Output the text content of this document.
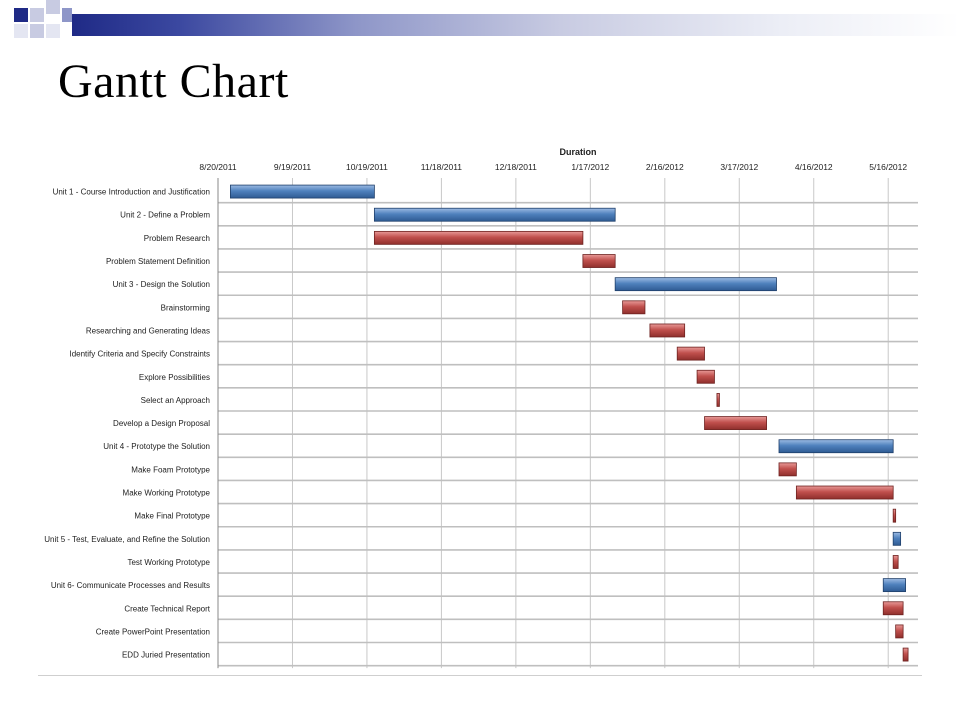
Gantt Chart
Duration
8/20/2011	9/19/2011	10/19/2011	11/18/2011	12/18/2011	1/17/2012	2/16/2012	3/17/2012	4/16/2012	5/16/2012
Unit 1 - Course Introduction and Justification
Unit 2 - Define a Problem
Problem Research
Problem Statement Definition
Unit 3 - Design the Solution
Brainstorming
Researching and Generating Ideas
Identify Criteria and Specify Constraints
Explore Possibilities
Select an Approach
Develop a Design Proposal
Unit 4 - Prototype the Solution
Make Foam Prototype
Make Working Prototype
Make Final Prototype
Unit 5 - Test, Evaluate, and Refine the Solution
Test Working Prototype
Unit 6- Communicate Processes and Results
Create Technical Report
Create PowerPoint Presentation
EDD Juried Presentation
